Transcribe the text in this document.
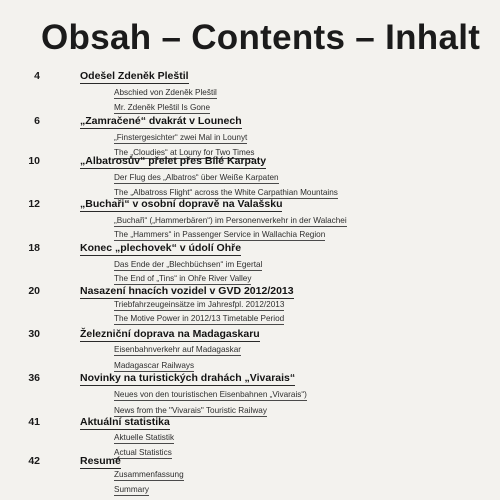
Obsah – Contents – Inhalt
4	Odešel Zdeněk Pleštil
Abschied von Zdeněk Pleštil
Mr. Zdeněk Pleštil Is Gone
6	„Zamračené“ dvakrát v Lounech
„Finstergesichter“ zwei Mal in Lounyt
The „Cloudies“ at Louny for Two Times
10	„Albatrosův“ přelet přes Bílé Karpaty
Der Flug des „Albatros“ über Weiße Karpaten
The „Albatross Flight“ across the White Carpathian Mountains
12	„Buchaři“ v osobní dopravě na Valašsku
„Buchaři“ („Hammerbären“) im Personenverkehr in der Walachei
The „Hammers“ in Passenger Service in Wallachia Region
18	Konec „plechovek“ v údolí Ohře
Das Ende der „Blechbüchsen“ im Egertal
The End of „Tins“ in Ohře River Valley
20	Nasazení hnacích vozidel v GVD 2012/2013
Triebfahrzeugeinsätze im Jahresfpl. 2012/2013
The Motive Power in 2012/13 Timetable Period
30	Železniční doprava na Madagaskaru
Eisenbahnverkehr auf Madagaskar
Madagascar Railways
36	Novinky na turistických drahách „Vivarais“
Neues von den touristischen Eisenbahnen „Vivarais“)
News from the "Vivarais" Touristic Railway
41	Aktuální statistika
Aktuelle Statistik
Actual Statistics
42	Resumé
Zusammenfassung
Summary
